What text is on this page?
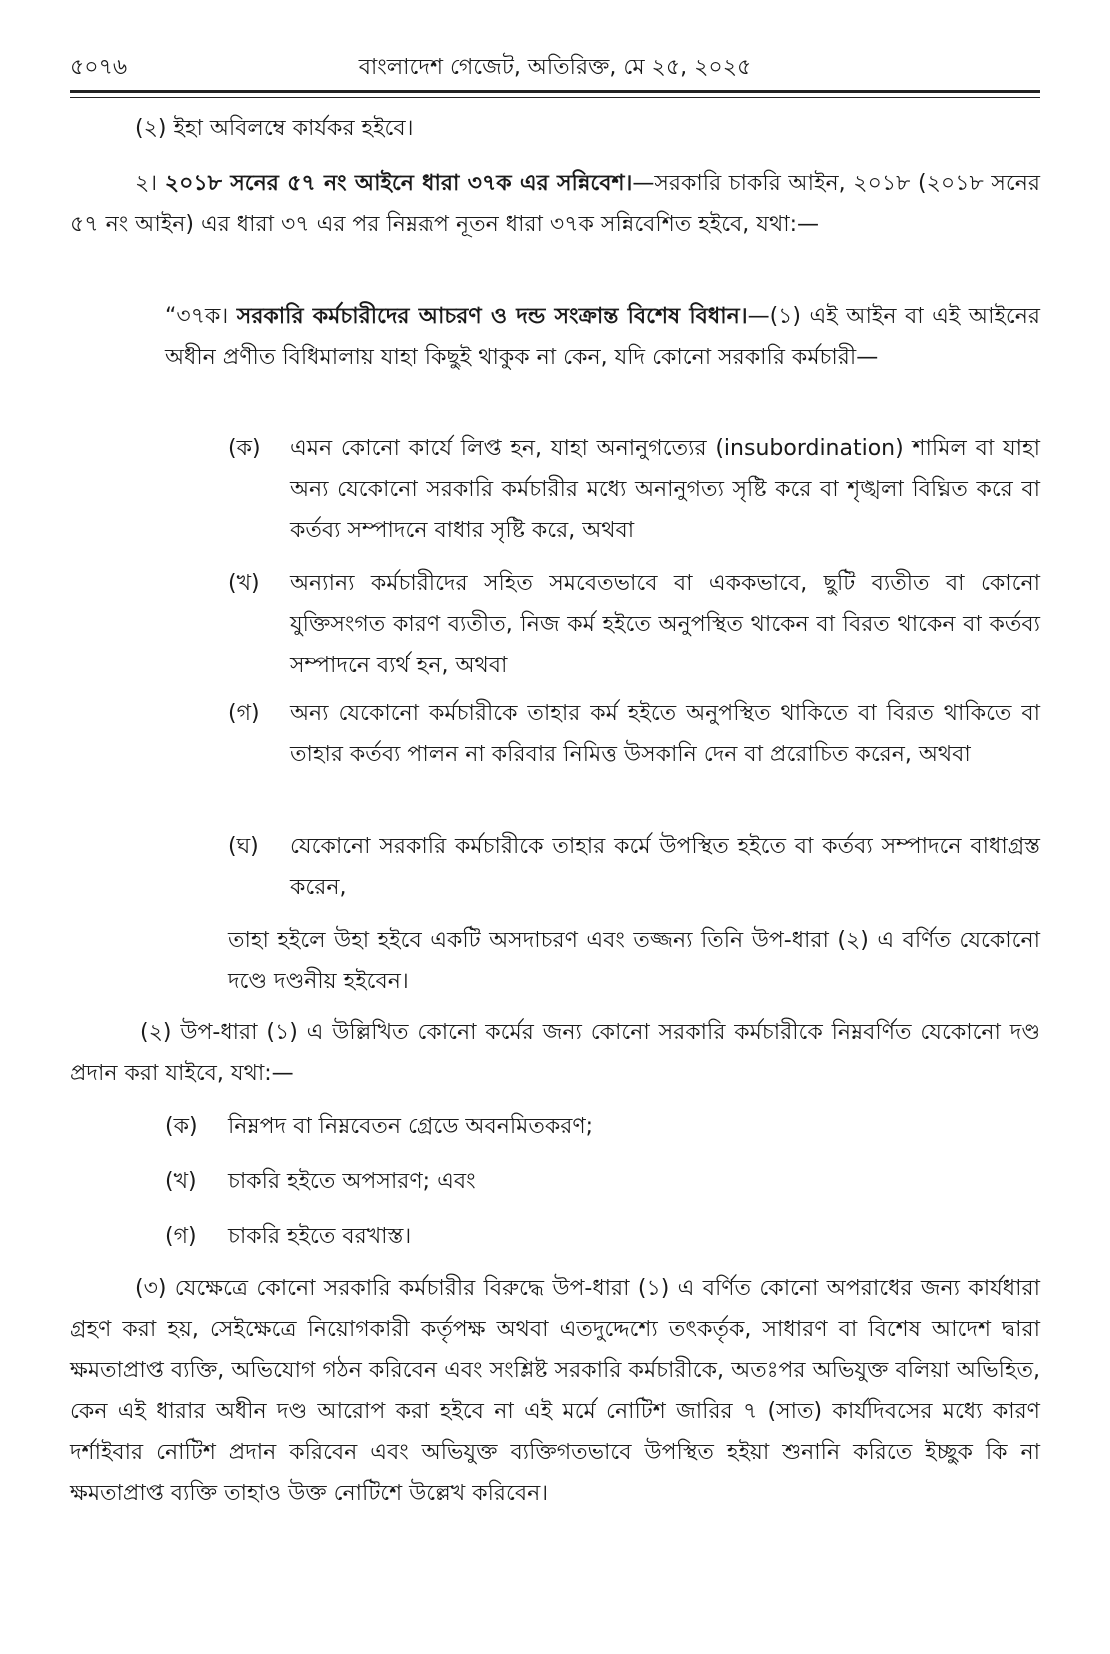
৫০৭৬	বাংলাদেশ গেজেট, অতিরিক্ত, মে ২৫, ২০২৫
(২) ইহা অবিলম্বে কার্যকর হইবে।
২। ২০১৮ সনের ৫৭ নং আইনে ধারা ৩৭ক এর সন্নিবেশ।—সরকারি চাকরি আইন, ২০১৮ (২০১৮ সনের ৫৭ নং আইন) এর ধারা ৩৭ এর পর নিম্নরূপ নূতন ধারা ৩৭ক সন্নিবেশিত হইবে, যথা:—
“৩৭ক। সরকারি কর্মচারীদের আচরণ ও দন্ড সংক্রান্ত বিশেষ বিধান।—(১) এই আইন বা এই আইনের অধীন প্রণীত বিধিমালায় যাহা কিছুই থাকুক না কেন, যদি কোনো সরকারি কর্মচারী—
(ক)	এমন কোনো কার্যে লিপ্ত হন, যাহা অনানুগত্যের (insubordination) শামিল বা যাহা অন্য যেকোনো সরকারি কর্মচারীর মধ্যে অনানুগত্য সৃষ্টি করে বা শৃঙ্খলা বিঘ্নিত করে বা কর্তব্য সম্পাদনে বাধার সৃষ্টি করে, অথবা
(খ)	অন্যান্য কর্মচারীদের সহিত সমবেতভাবে বা এককভাবে, ছুটি ব্যতীত বা কোনো যুক্তিসংগত কারণ ব্যতীত, নিজ কর্ম হইতে অনুপস্থিত থাকেন বা বিরত থাকেন বা কর্তব্য সম্পাদনে ব্যর্থ হন, অথবা
(গ)	অন্য যেকোনো কর্মচারীকে তাহার কর্ম হইতে অনুপস্থিত থাকিতে বা বিরত থাকিতে বা তাহার কর্তব্য পালন না করিবার নিমিত্ত উসকানি দেন বা প্ররোচিত করেন, অথবা
(ঘ)	যেকোনো সরকারি কর্মচারীকে তাহার কর্মে উপস্থিত হইতে বা কর্তব্য সম্পাদনে বাধাগ্রস্ত করেন,
তাহা হইলে উহা হইবে একটি অসদাচরণ এবং তজ্জন্য তিনি উপ-ধারা (২) এ বর্ণিত যেকোনো দণ্ডে দণ্ডনীয় হইবেন।
(২) উপ-ধারা (১) এ উল্লিখিত কোনো কর্মের জন্য কোনো সরকারি কর্মচারীকে নিম্নবর্ণিত যেকোনো দণ্ড প্রদান করা যাইবে, যথা:—
(ক)	নিম্নপদ বা নিম্নবেতন গ্রেডে অবনমিতকরণ;
(খ)	চাকরি হইতে অপসারণ; এবং
(গ)	চাকরি হইতে বরখাস্ত।
(৩) যেক্ষেত্রে কোনো সরকারি কর্মচারীর বিরুদ্ধে উপ-ধারা (১) এ বর্ণিত কোনো অপরাধের জন্য কার্যধারা গ্রহণ করা হয়, সেইক্ষেত্রে নিয়োগকারী কর্তৃপক্ষ অথবা এতদুদ্দেশ্যে তৎকর্তৃক, সাধারণ বা বিশেষ আদেশ দ্বারা ক্ষমতাপ্রাপ্ত ব্যক্তি, অভিযোগ গঠন করিবেন এবং সংশ্লিষ্ট সরকারি কর্মচারীকে, অতঃপর অভিযুক্ত বলিয়া অভিহিত, কেন এই ধারার অধীন দণ্ড আরোপ করা হইবে না এই মর্মে নোটিশ জারির ৭ (সাত) কার্যদিবসের মধ্যে কারণ দর্শাইবার নোটিশ প্রদান করিবেন এবং অভিযুক্ত ব্যক্তিগতভাবে উপস্থিত হইয়া শুনানি করিতে ইচ্ছুক কি না ক্ষমতাপ্রাপ্ত ব্যক্তি তাহাও উক্ত নোটিশে উল্লেখ করিবেন।
